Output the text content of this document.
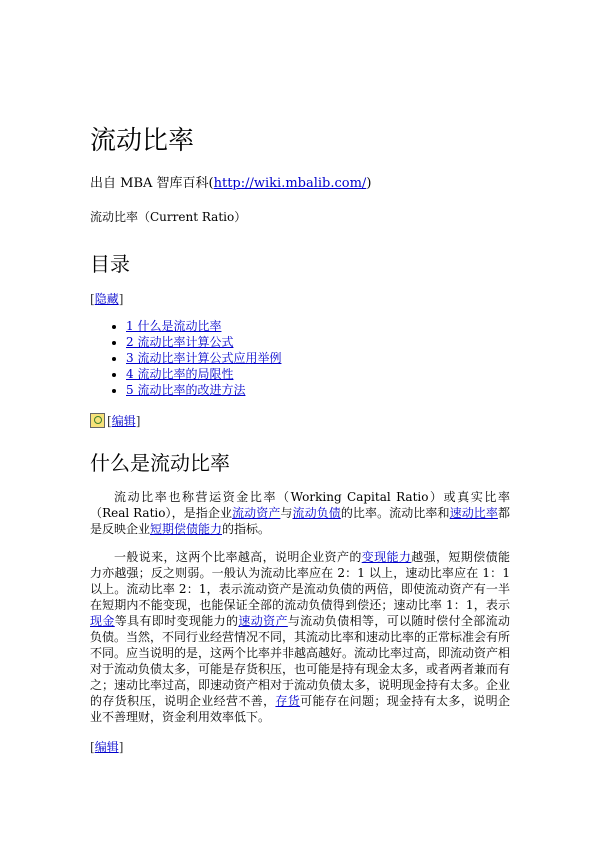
流动比率

出自 MBA 智库百科(http://wiki.mbalib.com/)

流动比率（Current Ratio）

目录
[隐藏]
• 1 什么是流动比率
• 2 流动比率计算公式
• 3 流动比率计算公式应用举例
• 4 流动比率的局限性
• 5 流动比率的改进方法
[ 编辑 ]
什么是流动比率

流动比率也称营运资金比率（Working Capital Ratio）或真实比率（Real Ratio），是指企业流动资产与流动负债的比率。流动比率和速动比率都是反映企业短期偿债能力的指标。

一般说来，这两个比率越高，说明企业资产的变现能力越强，短期偿债能力亦越强；反之则弱。一般认为流动比率应在 2：1 以上，速动比率应在 1：1 以上。流动比率 2：1，表示流动资产是流动负债的两倍，即使流动资产有一半在短期内不能变现，也能保证全部的流动负债得到偿还；速动比率 1：1，表示现金等具有即时变现能力的速动资产与流动负债相等，可以随时偿付全部流动负债。当然，不同行业经营情况不同，其流动比率和速动比率的正常标准会有所不同。应当说明的是，这两个比率并非越高越好。流动比率过高，即流动资产相对于流动负债太多，可能是存货积压，也可能是持有现金太多，或者两者兼而有之；速动比率过高，即速动资产相对于流动负债太多，说明现金持有太多。企业的存货积压，说明企业经营不善，存货可能存在问题；现金持有太多，说明企业不善理财，资金利用效率低下。

[编辑]
